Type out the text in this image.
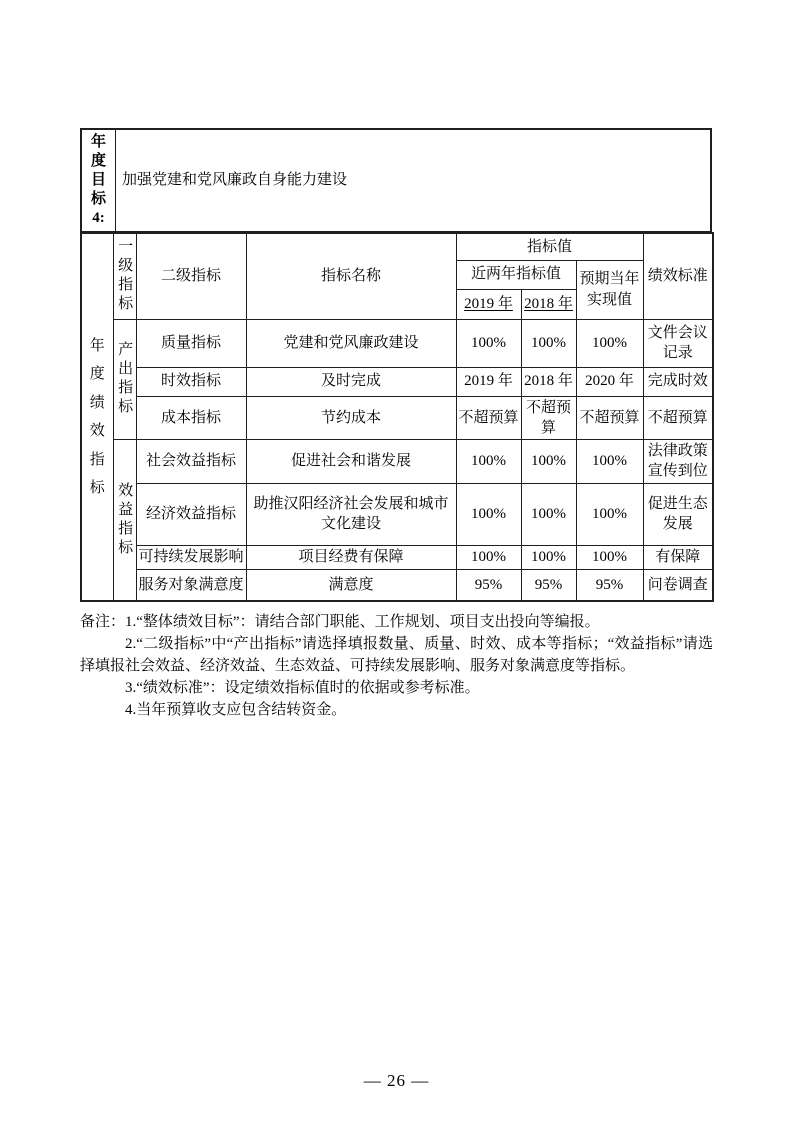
年度目标4:
	加强党建和党风廉政自身能力建设
年度绩效指标	一级指标	二级指标	指标名称	指标值			绩效标准
				近两年指标值		预期当年实现值	
				2019 年	2018 年		

	产出指标	质量指标	党建和党风廉政建设	100%	100%	100%	文件会议记录
		时效指标	及时完成	2019 年	2018 年	2020 年	完成时效
		成本指标	节约成本	不超预算	不超预算	不超预算	不超预算

	效益指标	社会效益指标	促进社会和谐发展	100%	100%	100%	法律政策宣传到位
		经济效益指标	助推汉阳经济社会发展和城市文化建设	100%	100%	100%	促进生态发展
		可持续发展影响	项目经费有保障	100%	100%	100%	有保障
		服务对象满意度	满意度	95%	95%	95%	问卷调查

备注：1.“整体绩效目标”：请结合部门职能、工作规划、项目支出投向等编报。

2.“二级指标”中“产出指标”请选择填报数量、质量、时效、成本等指标；“效益指标”请选择填报社会效益、经济效益、生态效益、可持续发展影响、服务对象满意度等指标。

3.“绩效标准”：设定绩效指标值时的依据或参考标准。

4.当年预算收支应包含结转资金。

— 26 —
